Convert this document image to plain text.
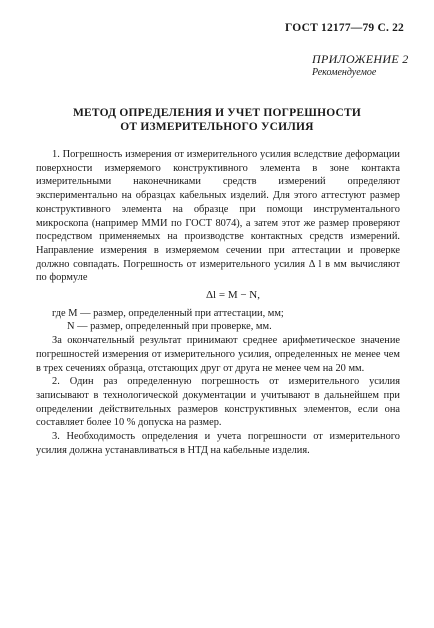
ГОСТ 12177—79 С. 22
ПРИЛОЖЕНИЕ 2
Рекомендуемое
МЕТОД ОПРЕДЕЛЕНИЯ И УЧЕТ ПОГРЕШНОСТИ
ОТ ИЗМЕРИТЕЛЬНОГО УСИЛИЯ

1. Погрешность измерения от измерительного усилия вследствие деформации поверхности измеряемого конструктивного элемента в зоне контакта измерительными наконечниками средств измерений определяют экспериментально на образцах кабельных изделий. Для этого аттестуют размер конструктивного элемента на образце при помощи инструментального микроскопа (например ММИ по ГОСТ 8074), а затем этот же размер проверяют посредством применяемых на производстве контактных средств измерений. Направление измерения в измеряемом сечении при аттестации и проверке должно совпадать. Погрешность от измерительного усилия Δ l в мм вычисляют по формуле

Δl = M − N,

где M — размер, определенный при аттестации, мм;

N — размер, определенный при проверке, мм.

За окончательный результат принимают среднее арифметическое значение погрешностей измерения от измерительного усилия, определенных не менее чем в трех сечениях образца, отстающих друг от друга не менее чем на 20 мм.

2. Один раз определенную погрешность от измерительного усилия записывают в технологической документации и учитывают в дальнейшем при определении действительных размеров конструктивных элементов, если она составляет более 10 % допуска на размер.

3. Необходимость определения и учета погрешности от измерительного усилия должна устанавливаться в НТД на кабельные изделия.
